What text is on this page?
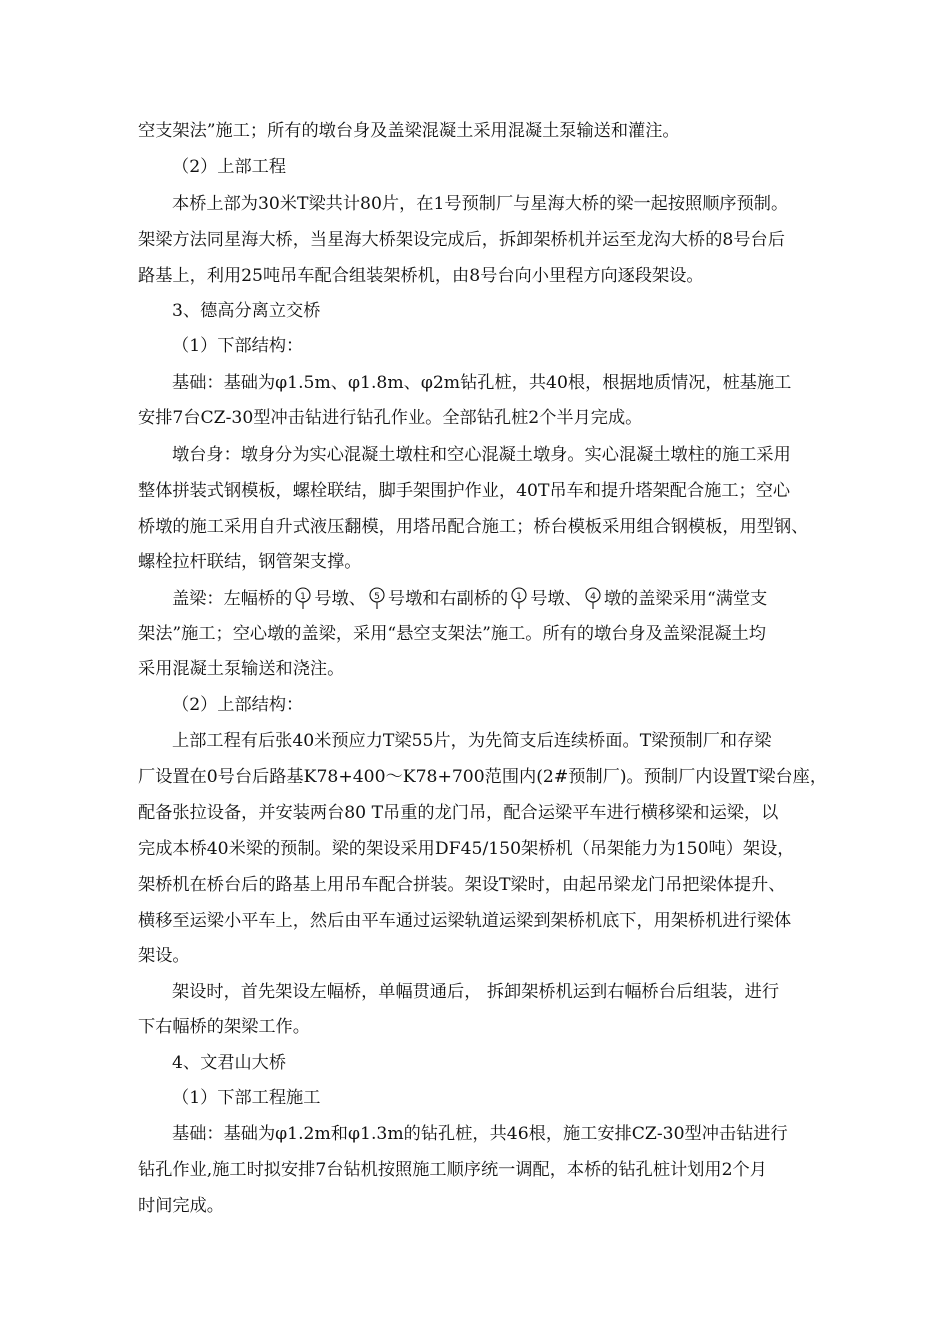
空支架法”施工；所有的墩台身及盖梁混凝土采用混凝土泵输送和灌注。
（2）上部工程
本桥上部为30米T梁共计80片，在1号预制厂与星海大桥的梁一起按照顺序预制。
架梁方法同星海大桥，当星海大桥架设完成后，拆卸架桥机并运至龙沟大桥的8号台后
路基上，利用25吨吊车配合组装架桥机，由8号台向小里程方向逐段架设。
3、德高分离立交桥
（1）下部结构：
基础：基础为φ1.5m、φ1.8m、φ2m钻孔桩，共40根，根据地质情况，桩基施工
安排7台CZ-30型冲击钻进行钻孔作业。全部钻孔桩2个半月完成。
墩台身：墩身分为实心混凝土墩柱和空心混凝土墩身。实心混凝土墩柱的施工采用
整体拼装式钢模板，螺栓联结，脚手架围护作业，40T吊车和提升塔架配合施工；空心
桥墩的施工采用自升式液压翻模，用塔吊配合施工；桥台模板采用组合钢模板，用型钢、
螺栓拉杆联结，钢管架支撑。
盖梁：左幅桥的 1 号墩、 5 号墩和右副桥的 1 号墩、 4 墩的盖梁采用“满堂支
架法”施工；空心墩的盖梁，采用“悬空支架法”施工。所有的墩台身及盖梁混凝土均
采用混凝土泵输送和浇注。
（2）上部结构：
上部工程有后张40米预应力T梁55片，为先简支后连续桥面。T梁预制厂和存梁
厂设置在0号台后路基K78+400～K78+700范围内(2#预制厂)。预制厂内设置T梁台座，
配备张拉设备，并安装两台80 T吊重的龙门吊，配合运梁平车进行横移梁和运梁，以
完成本桥40米梁的预制。梁的架设采用DF45/150架桥机（吊架能力为150吨）架设，
架桥机在桥台后的路基上用吊车配合拼装。架设T梁时，由起吊梁龙门吊把梁体提升、
横移至运梁小平车上，然后由平车通过运梁轨道运梁到架桥机底下，用架桥机进行梁体
架设。
架设时，首先架设左幅桥，单幅贯通后， 拆卸架桥机运到右幅桥台后组装，进行
下右幅桥的架梁工作。
4、文君山大桥
（1）下部工程施工
基础：基础为φ1.2m和φ1.3m的钻孔桩，共46根，施工安排CZ-30型冲击钻进行
钻孔作业,施工时拟安排7台钻机按照施工顺序统一调配，本桥的钻孔桩计划用2个月
时间完成。
